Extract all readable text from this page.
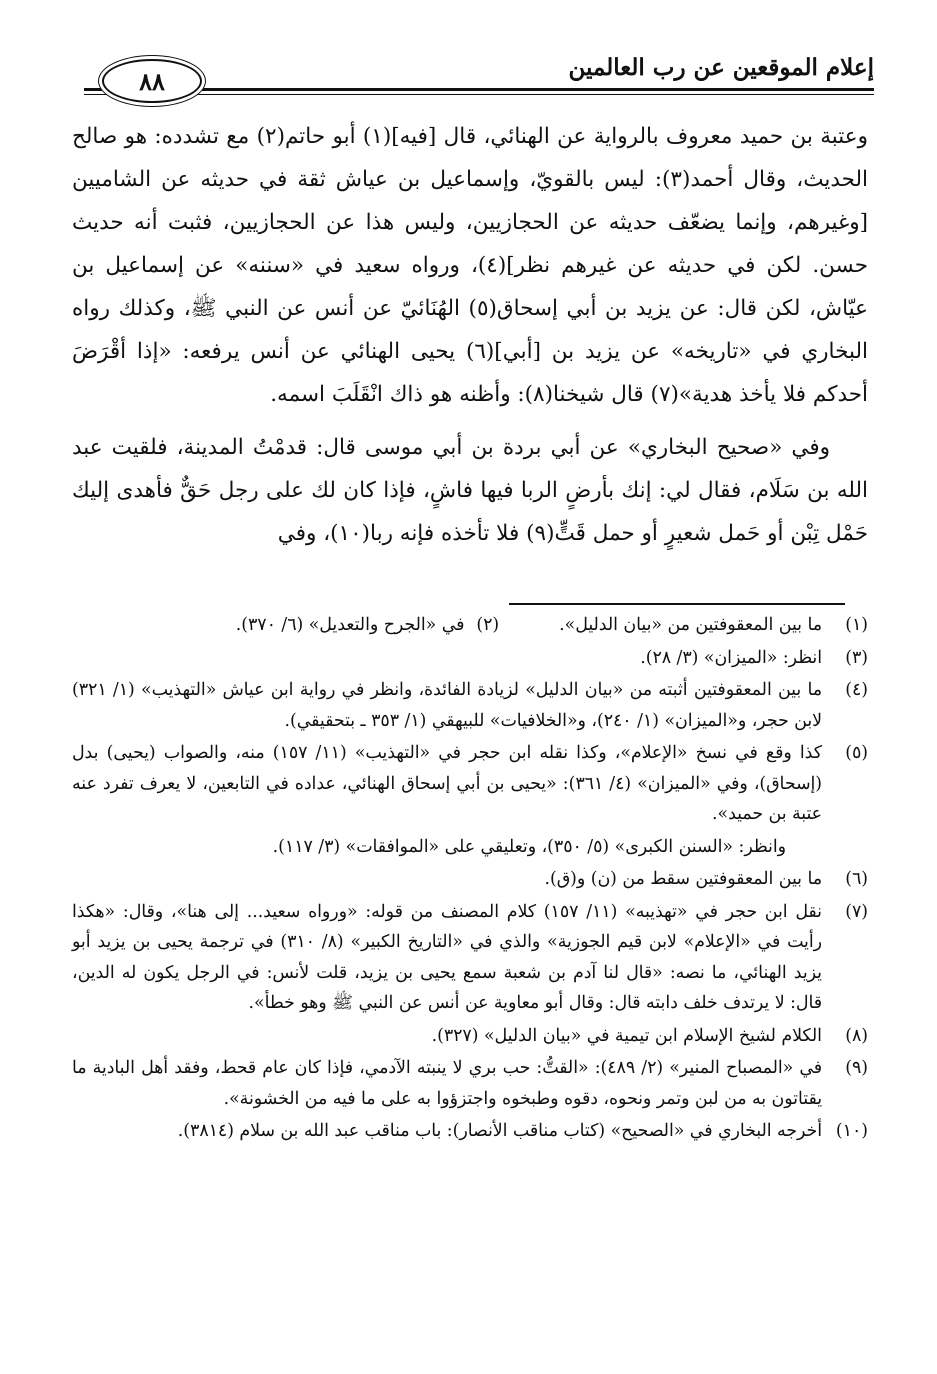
إعلام الموقعين عن رب العالمين
٨٨

وعتبة بن حميد معروف بالرواية عن الهنائي، قال [فيه](١) أبو حاتم(٢) مع تشدده: هو صالح الحديث، وقال أحمد(٣): ليس بالقويّ، وإسماعيل بن عياش ثقة في حديثه عن الشاميين [وغيرهم، وإنما يضعّف حديثه عن الحجازيين، وليس هذا عن الحجازيين، فثبت أنه حديث حسن. لكن في حديثه عن غيرهم نظر](٤)، ورواه سعيد في «سننه» عن إسماعيل بن عيّاش، لكن قال: عن يزيد بن أبي إسحاق(٥) الهُنَائيّ عن أنس عن النبي ﷺ، وكذلك رواه البخاري في «تاريخه» عن يزيد بن [أبي](٦) يحيى الهنائي عن أنس يرفعه: «إذا أقْرَضَ أحدكم فلا يأخذ هدية»(٧) قال شيخنا(٨): وأظنه هو ذاك انْقَلَبَ اسمه.

وفي «صحيح البخاري» عن أبي بردة بن أبي موسى قال: قدمْتُ المدينة، فلقيت عبد الله بن سَلَام، فقال لي: إنك بأرضٍ الربا فيها فاشٍ، فإذا كان لك على رجل حَقٌّ فأهدى إليك حَمْل تِبْن أو حَمل شعيرٍ أو حمل قَتٍّ(٩) فلا تأخذه فإنه ربا(١٠)، وفي

(١)
ما بين المعقوفتين من «بيان الدليل».
(٢)
في «الجرح والتعديل» (٦/ ٣٧٠).
(٣)

انظر: «الميزان» (٣/ ٢٨).

(٤)

ما بين المعقوفتين أثبته من «بيان الدليل» لزيادة الفائدة، وانظر في رواية ابن عياش «التهذيب» (١/ ٣٢١) لابن حجر، و«الميزان» (١/ ٢٤٠)، و«الخلافيات» للبيهقي (١/ ٣٥٣ ـ بتحقيقي).

(٥)

كذا وقع في نسخ «الإعلام»، وكذا نقله ابن حجر في «التهذيب» (١١/ ١٥٧) منه، والصواب (يحيى) بدل (إسحاق)، وفي «الميزان» (٤/ ٣٦١): «يحيى بن أبي إسحاق الهنائي، عداده في التابعين، لا يعرف تفرد عنه عتبة بن حميد».

وانظر: «السنن الكبرى» (٥/ ٣٥٠)، وتعليقي على «الموافقات» (٣/ ١١٧).

(٦)

ما بين المعقوفتين سقط من (ن) و(ق).

(٧)

نقل ابن حجر في «تهذيبه» (١١/ ١٥٧) كلام المصنف من قوله: «ورواه سعيد... إلى هنا»، وقال: «هكذا رأيت في «الإعلام» لابن قيم الجوزية» والذي في «التاريخ الكبير» (٨/ ٣١٠) في ترجمة يحيى بن يزيد أبو يزيد الهنائي، ما نصه: «قال لنا آدم بن شعبة سمع يحيى بن يزيد، قلت لأنس: في الرجل يكون له الدين، قال: لا يرتدف خلف دابته قال: وقال أبو معاوية عن أنس عن النبي ﷺ وهو خطأ».

(٨)

الكلام لشيخ الإسلام ابن تيمية في «بيان الدليل» (٣٢٧).

(٩)

في «المصباح المنير» (٢/ ٤٨٩): «القتُّ: حب بري لا ينبته الآدمي، فإذا كان عام قحط، وفقد أهل البادية ما يقتاتون به من لبن وتمر ونحوه، دقوه وطبخوه واجتزؤوا به على ما فيه من الخشونة».

(١٠)

أخرجه البخاري في «الصحيح» (كتاب مناقب الأنصار): باب مناقب عبد الله بن سلام (٣٨١٤).
